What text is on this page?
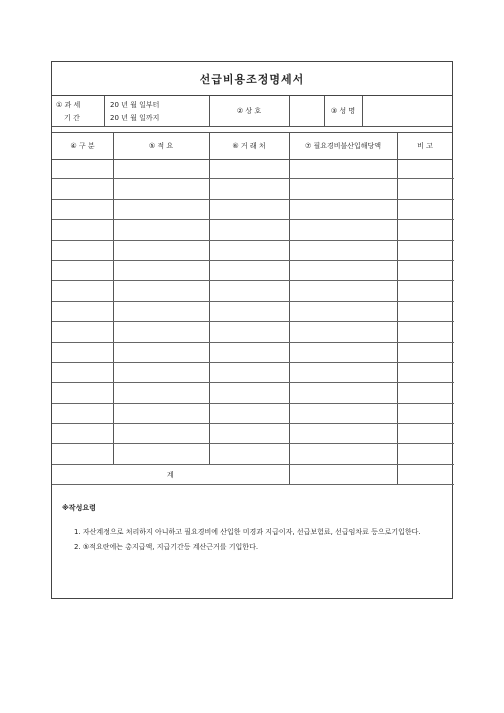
선급비용조정명세서
① 과 세
기 간
20 년 월 일부터
20 년 월 일까지
② 상 호	③ 성 명
④ 구 분	⑤ 적 요	⑥ 거 래 처	⑦ 필요경비불산입해당액	비 고

계				
※작성요령
1. 자산계정으로 처리하지 아니하고 필요경비에 산입한 미경과 지급이자, 선급보험료, 선급임차료 등으로기입한다.
2. ⑤적요란에는 총지급액, 지급기간등 계산근거를 기입한다.
